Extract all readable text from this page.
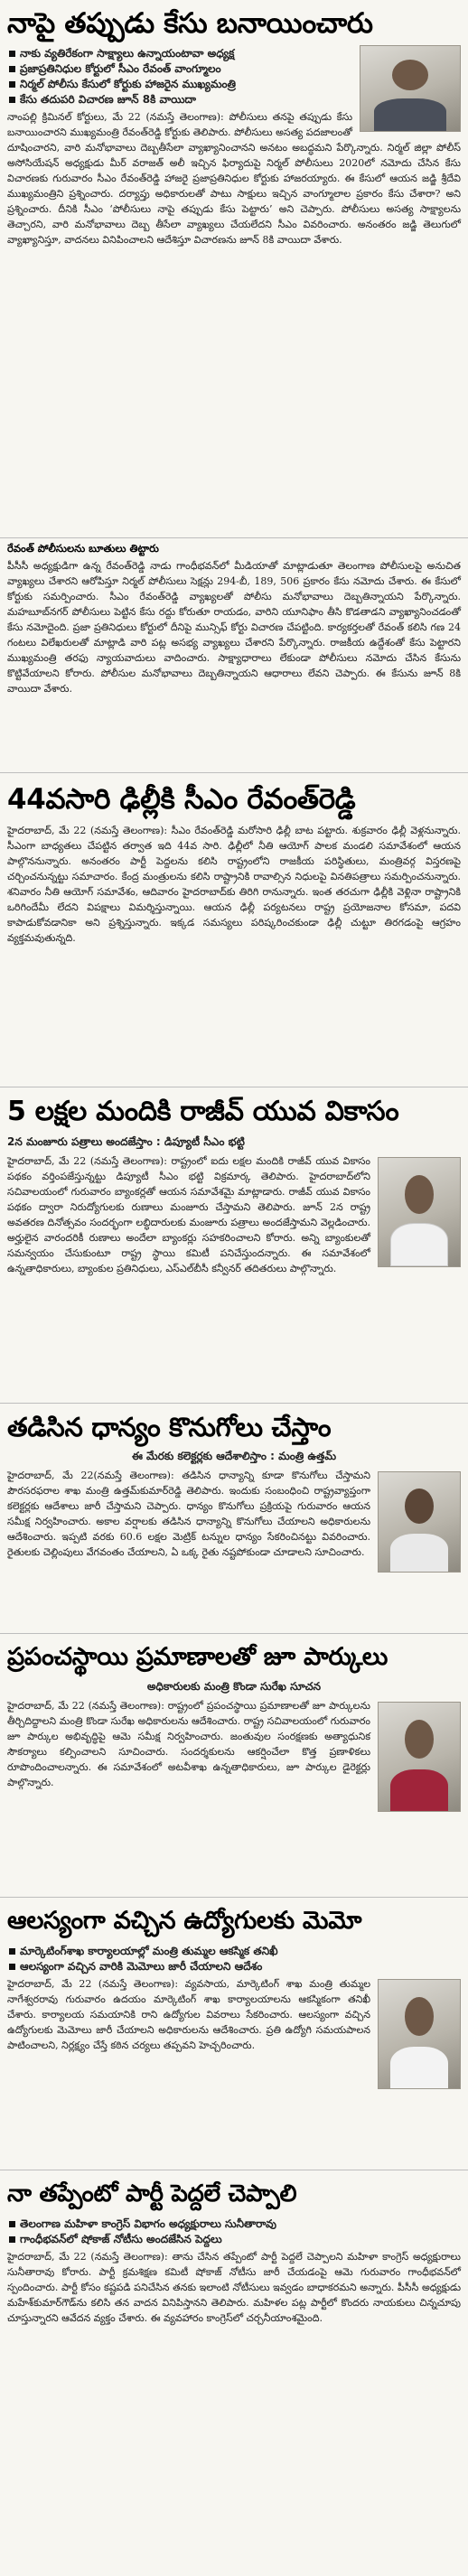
నాపై తప్పుడు కేసు బనాయించారు
నాకు వ్యతిరేకంగా సాక్ష్యాలు ఉన్నాయంటావా అధ్యక్ష
ప్రజాప్రతినిధుల కోర్టులో సీఎం రేవంత్ వాంగ్మూలం
నిర్మల్ పోలీసు కేసులో కోర్టుకు హాజరైన ముఖ్యమంత్రి
కేసు తదుపరి విచారణ జూన్ 8కి వాయిదా

నాంపల్లి క్రిమినల్ కోర్టులు, మే 22 (నమస్తే తెలంగాణ): పోలీసులు తనపై తప్పుడు కేసు బనాయించారని ముఖ్యమంత్రి రేవంత్‌రెడ్డి కోర్టుకు తెలిపారు. పోలీసులు అసత్య పదజాలంతో దూషించారని, వారి మనోభావాలు దెబ్బతీసేలా వ్యాఖ్యానించానని అనటం అబద్ధమని పేర్కొన్నారు. నిర్మల్ జిల్లా పోలీస్ అసోసియేషన్ అధ్యక్షుడు మీర్ వరాజత్ అలీ ఇచ్చిన ఫిర్యాదుపై నిర్మల్ పోలీసులు 2020లో నమోదు చేసిన కేసు విచారణకు గురువారం సీఎం రేవంత్‌రెడ్డి హాజరై ప్రజాప్రతినిధుల కోర్టుకు హాజరయ్యారు. ఈ కేసులో ఆయన జడ్జి శ్రీదేవి ముఖ్యమంత్రిని ప్రశ్నించారు. దర్యాప్తు అధికారులతో పాటు సాక్షులు ఇచ్చిన వాంగ్మూలాల ప్రకారం కేసు చేశారా? అని ప్రశ్నించారు. దీనికి సీఎం ‘పోలీసులు నాపై తప్పుడు కేసు పెట్టారు’ అని చెప్పారు. పోలీసులు అసత్య సాక్ష్యాలను తెచ్చారని, వారి మనోభావాలు దెబ్బ తీసేలా వ్యాఖ్యలు చేయలేదని సీఎం వివరించారు. అనంతరం జడ్జి తెలుగులో వ్యాఖ్యానిస్తూ, వాదనలు వినిపించాలని ఆదేశిస్తూ విచారణను జూన్ 8కి వాయిదా వేశారు.

రేవంత్ పోలీసులను బూతులు తిట్టారు

పీసీసీ అధ్యక్షుడిగా ఉన్న రేవంత్‌రెడ్డి నాడు గాంధీభవన్‌లో మీడియాతో మాట్లాడుతూ తెలంగాణ పోలీసులపై అనుచిత వ్యాఖ్యలు చేశారని ఆరోపిస్తూ నిర్మల్ పోలీసులు సెక్షన్లు 294-బీ, 189, 506 ప్రకారం కేసు నమోదు చేశారు. ఈ కేసులో కోర్టుకు సమర్పించారు. సీఎం రేవంత్‌రెడ్డి వ్యాఖ్యలతో పోలీసు మనోభావాలు దెబ్బతిన్నాయని పేర్కొన్నారు. మహబూబ్‌నగర్ పోలీసులు పెట్టిన కేసు రద్దు కోరుతూ రాయడం, వారిని యూనిఫాం తీసి కొడతాడని వ్యాఖ్యానించడంతో కేసు నమోదైంది. ప్రజా ప్రతినిధులు కోర్టులో దీనిపై మున్సిఫ్ కోర్టు విచారణ చేపట్టింది. కార్యకర్తలతో రేవంత్ కలిసి గణ 24 గంటలు విలేఖరులతో మాట్లాడి వారి పట్ల అసభ్య వ్యాఖ్యలు చేశారని పేర్కొన్నారు. రాజకీయ ఉద్దేశంతో కేసు పెట్టారని ముఖ్యమంత్రి తరఫు న్యాయవాదులు వాదించారు. సాక్ష్యాధారాలు లేకుండా పోలీసులు నమోదు చేసిన కేసును కొట్టివేయాలని కోరారు. పోలీసుల మనోభావాలు దెబ్బతిన్నాయని ఆధారాలు లేవని చెప్పారు. ఈ కేసును జూన్ 8కి వాయిదా వేశారు.

44వసారి ఢిల్లీకి సీఎం రేవంత్‌రెడ్డి

హైదరాబాద్, మే 22 (నమస్తే తెలంగాణ): సీఎం రేవంత్‌రెడ్డి మరోసారి ఢిల్లీ బాట పట్టారు. శుక్రవారం ఢిల్లీ వెళ్లనున్నారు. సీఎంగా బాధ్యతలు చేపట్టిన తర్వాత ఇది 44వ సారి. ఢిల్లీలో నీతి ఆయోగ్ పాలక మండలి సమావేశంలో ఆయన పాల్గొననున్నారు. అనంతరం పార్టీ పెద్దలను కలిసి రాష్ట్రంలోని రాజకీయ పరిస్థితులు, మంత్రివర్గ విస్తరణపై చర్చించనున్నట్టు సమాచారం. కేంద్ర మంత్రులను కలిసి రాష్ట్రానికి రావాల్సిన నిధులపై వినతిపత్రాలు సమర్పించనున్నారు. శనివారం నీతి ఆయోగ్ సమావేశం, ఆదివారం హైదరాబాద్‌కు తిరిగి రానున్నారు. ఇంత తరచుగా ఢిల్లీకి వెళ్లినా రాష్ట్రానికి ఒరిగిందేమీ లేదని విపక్షాలు విమర్శిస్తున్నాయి. ఆయన ఢిల్లీ పర్యటనలు రాష్ట్ర ప్రయోజనాల కోసమా, పదవి కాపాడుకోవడానికా అని ప్రశ్నిస్తున్నారు. ఇక్కడ సమస్యలు పరిష్కరించకుండా ఢిల్లీ చుట్టూ తిరగడంపై ఆగ్రహం వ్యక్తమవుతున్నది.

5 లక్షల మందికి రాజీవ్ యువ వికాసం
2న మంజూరు పత్రాలు అందజేస్తాం : డిప్యూటీ సీఎం భట్టి

హైదరాబాద్, మే 22 (నమస్తే తెలంగాణ): రాష్ట్రంలో ఐదు లక్షల మందికి రాజీవ్ యువ వికాసం పథకం వర్తింపజేస్తున్నట్టు డిప్యూటీ సీఎం భట్టి విక్రమార్క తెలిపారు. హైదరాబాద్‌లోని సచివాలయంలో గురువారం బ్యాంకర్లతో ఆయన సమావేశమై మాట్లాడారు. రాజీవ్ యువ వికాసం పథకం ద్వారా నిరుద్యోగులకు రుణాలు మంజూరు చేస్తామని తెలిపారు. జూన్ 2న రాష్ట్ర అవతరణ దినోత్సవం సందర్భంగా లబ్ధిదారులకు మంజూరు పత్రాలు అందజేస్తామని వెల్లడించారు. అర్హులైన వారందరికీ రుణాలు అందేలా బ్యాంకర్లు సహకరించాలని కోరారు. అన్ని బ్యాంకులతో సమన్వయం చేసుకుంటూ రాష్ట్ర స్థాయి కమిటీ పనిచేస్తుందన్నారు. ఈ సమావేశంలో ఉన్నతాధికారులు, బ్యాంకుల ప్రతినిధులు, ఎస్‌ఎల్‌బీసీ కన్వీనర్ తదితరులు పాల్గొన్నారు.

తడిసిన ధాన్యం కొనుగోలు చేస్తాం
ఈ మేరకు కలెక్టర్లకు ఆదేశాలిస్తాం : మంత్రి ఉత్తమ్

హైదరాబాద్, మే 22(నమస్తే తెలంగాణ): తడిసిన ధాన్యాన్ని కూడా కొనుగోలు చేస్తామని పౌరసరఫరాల శాఖ మంత్రి ఉత్తమ్‌కుమార్‌రెడ్డి తెలిపారు. ఇందుకు సంబంధించి రాష్ట్రవ్యాప్తంగా కలెక్టర్లకు ఆదేశాలు జారీ చేస్తామని చెప్పారు. ధాన్యం కొనుగోలు ప్రక్రియపై గురువారం ఆయన సమీక్ష నిర్వహించారు. అకాల వర్షాలకు తడిసిన ధాన్యాన్ని కొనుగోలు చేయాలని అధికారులను ఆదేశించారు. ఇప్పటి వరకు 60.6 లక్షల మెట్రిక్ టన్నుల ధాన్యం సేకరించినట్టు వివరించారు. రైతులకు చెల్లింపులు వేగవంతం చేయాలని, ఏ ఒక్క రైతు నష్టపోకుండా చూడాలని సూచించారు.

ప్రపంచస్థాయి ప్రమాణాలతో జూ పార్కులు
అధికారులకు మంత్రి కొండా సురేఖ సూచన

హైదరాబాద్, మే 22 (నమస్తే తెలంగాణ): రాష్ట్రంలో ప్రపంచస్థాయి ప్రమాణాలతో జూ పార్కులను తీర్చిదిద్దాలని మంత్రి కొండా సురేఖ అధికారులను ఆదేశించారు. రాష్ట్ర సచివాలయంలో గురువారం జూ పార్కుల అభివృద్ధిపై ఆమె సమీక్ష నిర్వహించారు. జంతువుల సంరక్షణకు అత్యాధునిక సౌకర్యాలు కల్పించాలని సూచించారు. సందర్శకులను ఆకర్షించేలా కొత్త ప్రణాళికలు రూపొందించాలన్నారు. ఈ సమావేశంలో అటవీశాఖ ఉన్నతాధికారులు, జూ పార్కుల డైరెక్టర్లు పాల్గొన్నారు.

ఆలస్యంగా వచ్చిన ఉద్యోగులకు మెమో
మార్కెటింగ్‌శాఖ కార్యాలయాల్లో మంత్రి తుమ్మల ఆకస్మిక తనిఖీ
ఆలస్యంగా వచ్చిన వారికి మెమోలు జారీ చేయాలని ఆదేశం

హైదరాబాద్, మే 22 (నమస్తే తెలంగాణ): వ్యవసాయ, మార్కెటింగ్ శాఖ మంత్రి తుమ్మల నాగేశ్వరరావు గురువారం ఉదయం మార్కెటింగ్ శాఖ కార్యాలయాలను ఆకస్మికంగా తనిఖీ చేశారు. కార్యాలయ సమయానికి రాని ఉద్యోగుల వివరాలు సేకరించారు. ఆలస్యంగా వచ్చిన ఉద్యోగులకు మెమోలు జారీ చేయాలని అధికారులను ఆదేశించారు. ప్రతి ఉద్యోగి సమయపాలన పాటించాలని, నిర్లక్ష్యం చేస్తే కఠిన చర్యలు తప్పవని హెచ్చరించారు.

నా తప్పేంటో పార్టీ పెద్దలే చెప్పాలి
తెలంగాణ మహిళా కాంగ్రెస్ విభాగం అధ్యక్షురాలు సునీతారావు
గాంధీభవన్‌లో షోకాజ్ నోటీసు అందజేసిన పెద్దలు

హైదరాబాద్, మే 22 (నమస్తే తెలంగాణ): తాను చేసిన తప్పేంటో పార్టీ పెద్దలే చెప్పాలని మహిళా కాంగ్రెస్ అధ్యక్షురాలు సునీతారావు కోరారు. పార్టీ క్రమశిక్షణ కమిటీ షోకాజ్ నోటీసు జారీ చేయడంపై ఆమె గురువారం గాంధీభవన్‌లో స్పందించారు. పార్టీ కోసం కష్టపడి పనిచేసిన తనకు ఇలాంటి నోటీసులు ఇవ్వడం బాధాకరమని అన్నారు. పీసీసీ అధ్యక్షుడు మహేశ్‌కుమార్‌గౌడ్‌ను కలిసి తన వాదన వినిపిస్తానని తెలిపారు. మహిళల పట్ల పార్టీలో కొందరు నాయకులు చిన్నచూపు చూస్తున్నారని ఆవేదన వ్యక్తం చేశారు. ఈ వ్యవహారం కాంగ్రెస్‌లో చర్చనీయాంశమైంది.
